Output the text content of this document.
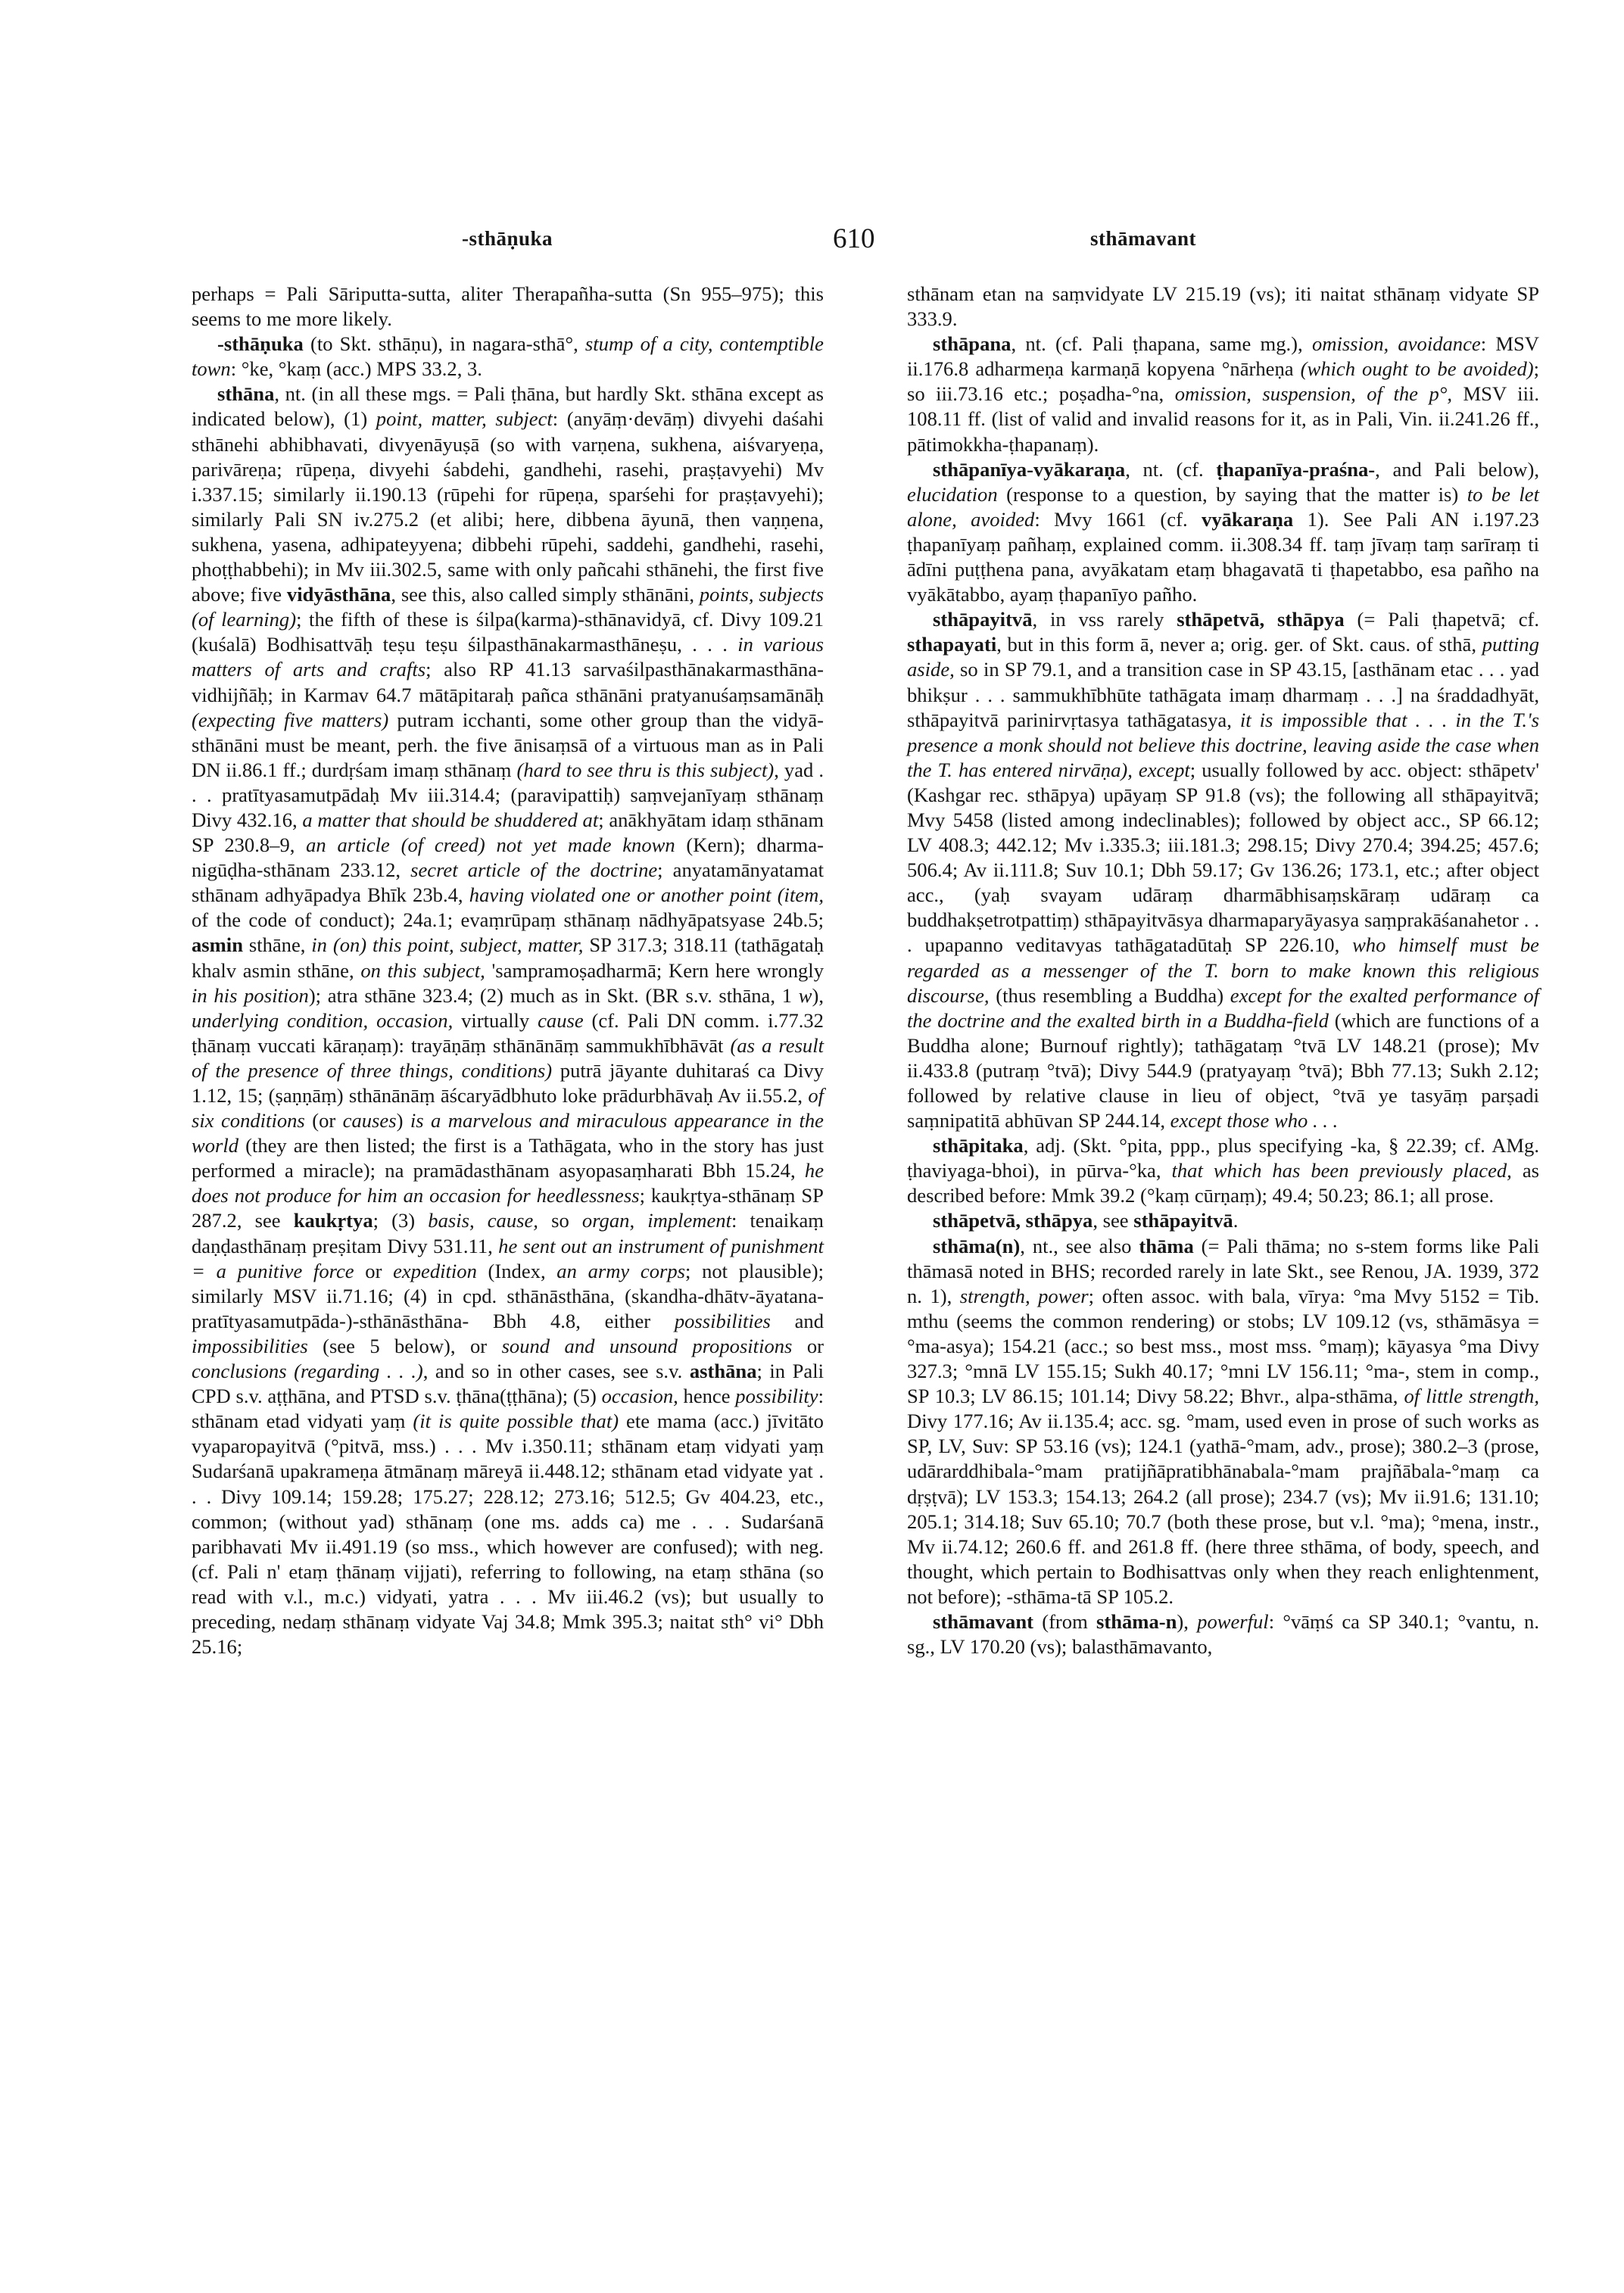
-sthāṇuka	610	sthāmavant

perhaps = Pali Sāriputta-sutta, aliter Therapañha-sutta (Sn 955–975); this seems to me more likely.

-sthāṇuka (to Skt. sthāṇu), in nagara-sthā°, stump of a city, contemptible town: °ke, °kaṃ (acc.) MPS 33.2, 3.

sthāna, nt. (in all these mgs. = Pali ṭhāna, but hardly Skt. sthāna except as indicated below), (1) point, matter, subject: (anyāṃ·devāṃ) divyehi daśahi sthānehi abhibhavati, divyenāyuṣā (so with varṇena, sukhena, aiśvaryeṇa, parivāreṇa; rūpeṇa, divyehi śabdehi, gandhehi, rasehi, praṣṭavyehi) Mv i.337.15; similarly ii.190.13 (rūpehi for rūpeṇa, sparśehi for praṣṭavyehi); similarly Pali SN iv.275.2 (et alibi; here, dibbena āyunā, then vaṇṇena, sukhena, yasena, adhipateyyena; dibbehi rūpehi, saddehi, gandhehi, rasehi, phoṭṭhabbehi); in Mv iii.302.5, same with only pañcahi sthānehi, the first five above; five vidyāsthāna, see this, also called simply sthānāni, points, subjects (of learning); the fifth of these is śilpa(karma)-sthānavidyā, cf. Divy 109.21 (kuśalā) Bodhisattvāḥ teṣu teṣu śilpasthānakarmasthāneṣu, . . . in various matters of arts and crafts; also RP 41.13 sarvaśilpasthānakarmasthāna-vidhijñāḥ; in Karmav 64.7 mātāpitaraḥ pañca sthānāni pratyanuśaṃsamānāḥ (expecting five matters) putram icchanti, some other group than the vidyā-sthānāni must be meant, perh. the five ānisaṃsā of a virtuous man as in Pali DN ii.86.1 ff.; durdṛśam imaṃ sthānaṃ (hard to see thru is this subject), yad . . . pratītyasamutpādaḥ Mv iii.314.4; (paravipattiḥ) saṃvejanīyaṃ sthānaṃ Divy 432.16, a matter that should be shuddered at; anākhyātam idaṃ sthānam SP 230.8–9, an article (of creed) not yet made known (Kern); dharma-nigūḍha-sthānam 233.12, secret article of the doctrine; anyatamānyatamat sthānam adhyāpadya Bhīk 23b.4, having violated one or another point (item, of the code of conduct); 24a.1; evaṃrūpaṃ sthānaṃ nādhyāpatsyase 24b.5; asmin sthāne, in (on) this point, subject, matter, SP 317.3; 318.11 (tathāgataḥ khalv asmin sthāne, on this subject, 'sampramoṣadharmā; Kern here wrongly in his position); atra sthāne 323.4; (2) much as in Skt. (BR s.v. sthāna, 1 w), underlying condition, occasion, virtually cause (cf. Pali DN comm. i.77.32 ṭhānaṃ vuccati kāraṇaṃ): trayāṇāṃ sthānānāṃ sammukhībhāvāt (as a result of the presence of three things, conditions) putrā jāyante duhitaraś ca Divy 1.12, 15; (ṣaṇṇāṃ) sthānānāṃ āścaryādbhuto loke prādurbhāvaḥ Av ii.55.2, of six conditions (or causes) is a marvelous and miraculous appearance in the world (they are then listed; the first is a Tathāgata, who in the story has just performed a miracle); na pramādasthānam asyopasaṃharati Bbh 15.24, he does not produce for him an occasion for heedlessness; kaukṛtya-sthānaṃ SP 287.2, see kaukṛtya; (3) basis, cause, so organ, implement: tenaikaṃ daṇḍasthānaṃ preṣitam Divy 531.11, he sent out an instrument of punishment = a punitive force or expedition (Index, an army corps; not plausible); similarly MSV ii.71.16; (4) in cpd. sthānāsthāna, (skandha-dhātv-āyatana-pratītyasamutpāda-)-sthānāsthāna- Bbh 4.8, either possibilities and impossibilities (see 5 below), or sound and unsound propositions or conclusions (regarding . . .), and so in other cases, see s.v. asthāna; in Pali CPD s.v. aṭṭhāna, and PTSD s.v. ṭhāna(ṭṭhāna); (5) occasion, hence possibility: sthānam etad vidyati yaṃ (it is quite possible that) ete mama (acc.) jīvitāto vyaparopayitvā (°pitvā, mss.) . . . Mv i.350.11; sthānam etaṃ vidyati yaṃ Sudarśanā upakrameṇa ātmānaṃ māreyā ii.448.12; sthānam etad vidyate yat . . . Divy 109.14; 159.28; 175.27; 228.12; 273.16; 512.5; Gv 404.23, etc., common; (without yad) sthānaṃ (one ms. adds ca) me . . . Sudarśanā paribhavati Mv ii.491.19 (so mss., which however are confused); with neg. (cf. Pali n' etaṃ ṭhānaṃ vijjati), referring to following, na etaṃ sthāna (so read with v.l., m.c.) vidyati, yatra . . . Mv iii.46.2 (vs); but usually to preceding, nedaṃ sthānaṃ vidyate Vaj 34.8; Mmk 395.3; naitat sth° vi° Dbh 25.16;

sthānam etan na saṃvidyate LV 215.19 (vs); iti naitat sthānaṃ vidyate SP 333.9.

sthāpana, nt. (cf. Pali ṭhapana, same mg.), omission, avoidance: MSV ii.176.8 adharmeṇa karmaṇā kopyena °nārheṇa (which ought to be avoided); so iii.73.16 etc.; poṣadha-°na, omission, suspension, of the p°, MSV iii. 108.11 ff. (list of valid and invalid reasons for it, as in Pali, Vin. ii.241.26 ff., pātimokkha-ṭhapanaṃ).

sthāpanīya-vyākaraṇa, nt. (cf. ṭhapanīya-praśna-, and Pali below), elucidation (response to a question, by saying that the matter is) to be let alone, avoided: Mvy 1661 (cf. vyākaraṇa 1). See Pali AN i.197.23 ṭhapanīyaṃ pañhaṃ, explained comm. ii.308.34 ff. taṃ jīvaṃ taṃ sarīraṃ ti ādīni puṭṭhena pana, avyākatam etaṃ bhagavatā ti ṭhapetabbo, esa pañho na vyākātabbo, ayaṃ ṭhapanīyo pañho.

sthāpayitvā, in vss rarely sthāpetvā, sthāpya (= Pali ṭhapetvā; cf. sthapayati, but in this form ā, never a; orig. ger. of Skt. caus. of sthā, putting aside, so in SP 79.1, and a transition case in SP 43.15, [asthānam etac . . . yad bhikṣur . . . sammukhībhūte tathāgata imaṃ dharmaṃ . . .] na śraddadhyāt, sthāpayitvā parinirvṛtasya tathāgatasya, it is impossible that . . . in the T.'s presence a monk should not believe this doctrine, leaving aside the case when the T. has entered nirvāṇa), except; usually followed by acc. object: sthāpetv' (Kashgar rec. sthāpya) upāyaṃ SP 91.8 (vs); the following all sthāpayitvā; Mvy 5458 (listed among indeclinables); followed by object acc., SP 66.12; LV 408.3; 442.12; Mv i.335.3; iii.181.3; 298.15; Divy 270.4; 394.25; 457.6; 506.4; Av ii.111.8; Suv 10.1; Dbh 59.17; Gv 136.26; 173.1, etc.; after object acc., (yaḥ svayam udāraṃ dharmābhisaṃskāraṃ udāraṃ ca buddhakṣetrotpattiṃ) sthāpayitvāsya dharmaparyāyasya saṃprakāśanahetor . . . upapanno veditavyas tathāgatadūtaḥ SP 226.10, who himself must be regarded as a messenger of the T. born to make known this religious discourse, (thus resembling a Buddha) except for the exalted performance of the doctrine and the exalted birth in a Buddha-field (which are functions of a Buddha alone; Burnouf rightly); tathāgataṃ °tvā LV 148.21 (prose); Mv ii.433.8 (putraṃ °tvā); Divy 544.9 (pratyayaṃ °tvā); Bbh 77.13; Sukh 2.12; followed by relative clause in lieu of object, °tvā ye tasyāṃ parṣadi saṃnipatitā abhūvan SP 244.14, except those who . . .

sthāpitaka, adj. (Skt. °pita, ppp., plus specifying -ka, § 22.39; cf. AMg. ṭhaviyaga-bhoi), in pūrva-°ka, that which has been previously placed, as described before: Mmk 39.2 (°kaṃ cūrṇaṃ); 49.4; 50.23; 86.1; all prose.

sthāpetvā, sthāpya, see sthāpayitvā.

sthāma(n), nt., see also thāma (= Pali thāma; no s-stem forms like Pali thāmasā noted in BHS; recorded rarely in late Skt., see Renou, JA. 1939, 372 n. 1), strength, power; often assoc. with bala, vīrya: °ma Mvy 5152 = Tib. mthu (seems the common rendering) or stobs; LV 109.12 (vs, sthāmāsya = °ma-asya); 154.21 (acc.; so best mss., most mss. °maṃ); kāyasya °ma Divy 327.3; °mnā LV 155.15; Sukh 40.17; °mni LV 156.11; °ma-, stem in comp., SP 10.3; LV 86.15; 101.14; Divy 58.22; Bhvr., alpa-sthāma, of little strength, Divy 177.16; Av ii.135.4; acc. sg. °mam, used even in prose of such works as SP, LV, Suv: SP 53.16 (vs); 124.1 (yathā-°mam, adv., prose); 380.2–3 (prose, udārarddhibala-°mam pratijñāpratibhānabala-°mam prajñābala-°maṃ ca dṛṣṭvā); LV 153.3; 154.13; 264.2 (all prose); 234.7 (vs); Mv ii.91.6; 131.10; 205.1; 314.18; Suv 65.10; 70.7 (both these prose, but v.l. °ma); °mena, instr., Mv ii.74.12; 260.6 ff. and 261.8 ff. (here three sthāma, of body, speech, and thought, which pertain to Bodhisattvas only when they reach enlightenment, not before); -sthāma-tā SP 105.2.

sthāmavant (from sthāma-n), powerful: °vāṃś ca SP 340.1; °vantu, n. sg., LV 170.20 (vs); balasthāmavanto,
